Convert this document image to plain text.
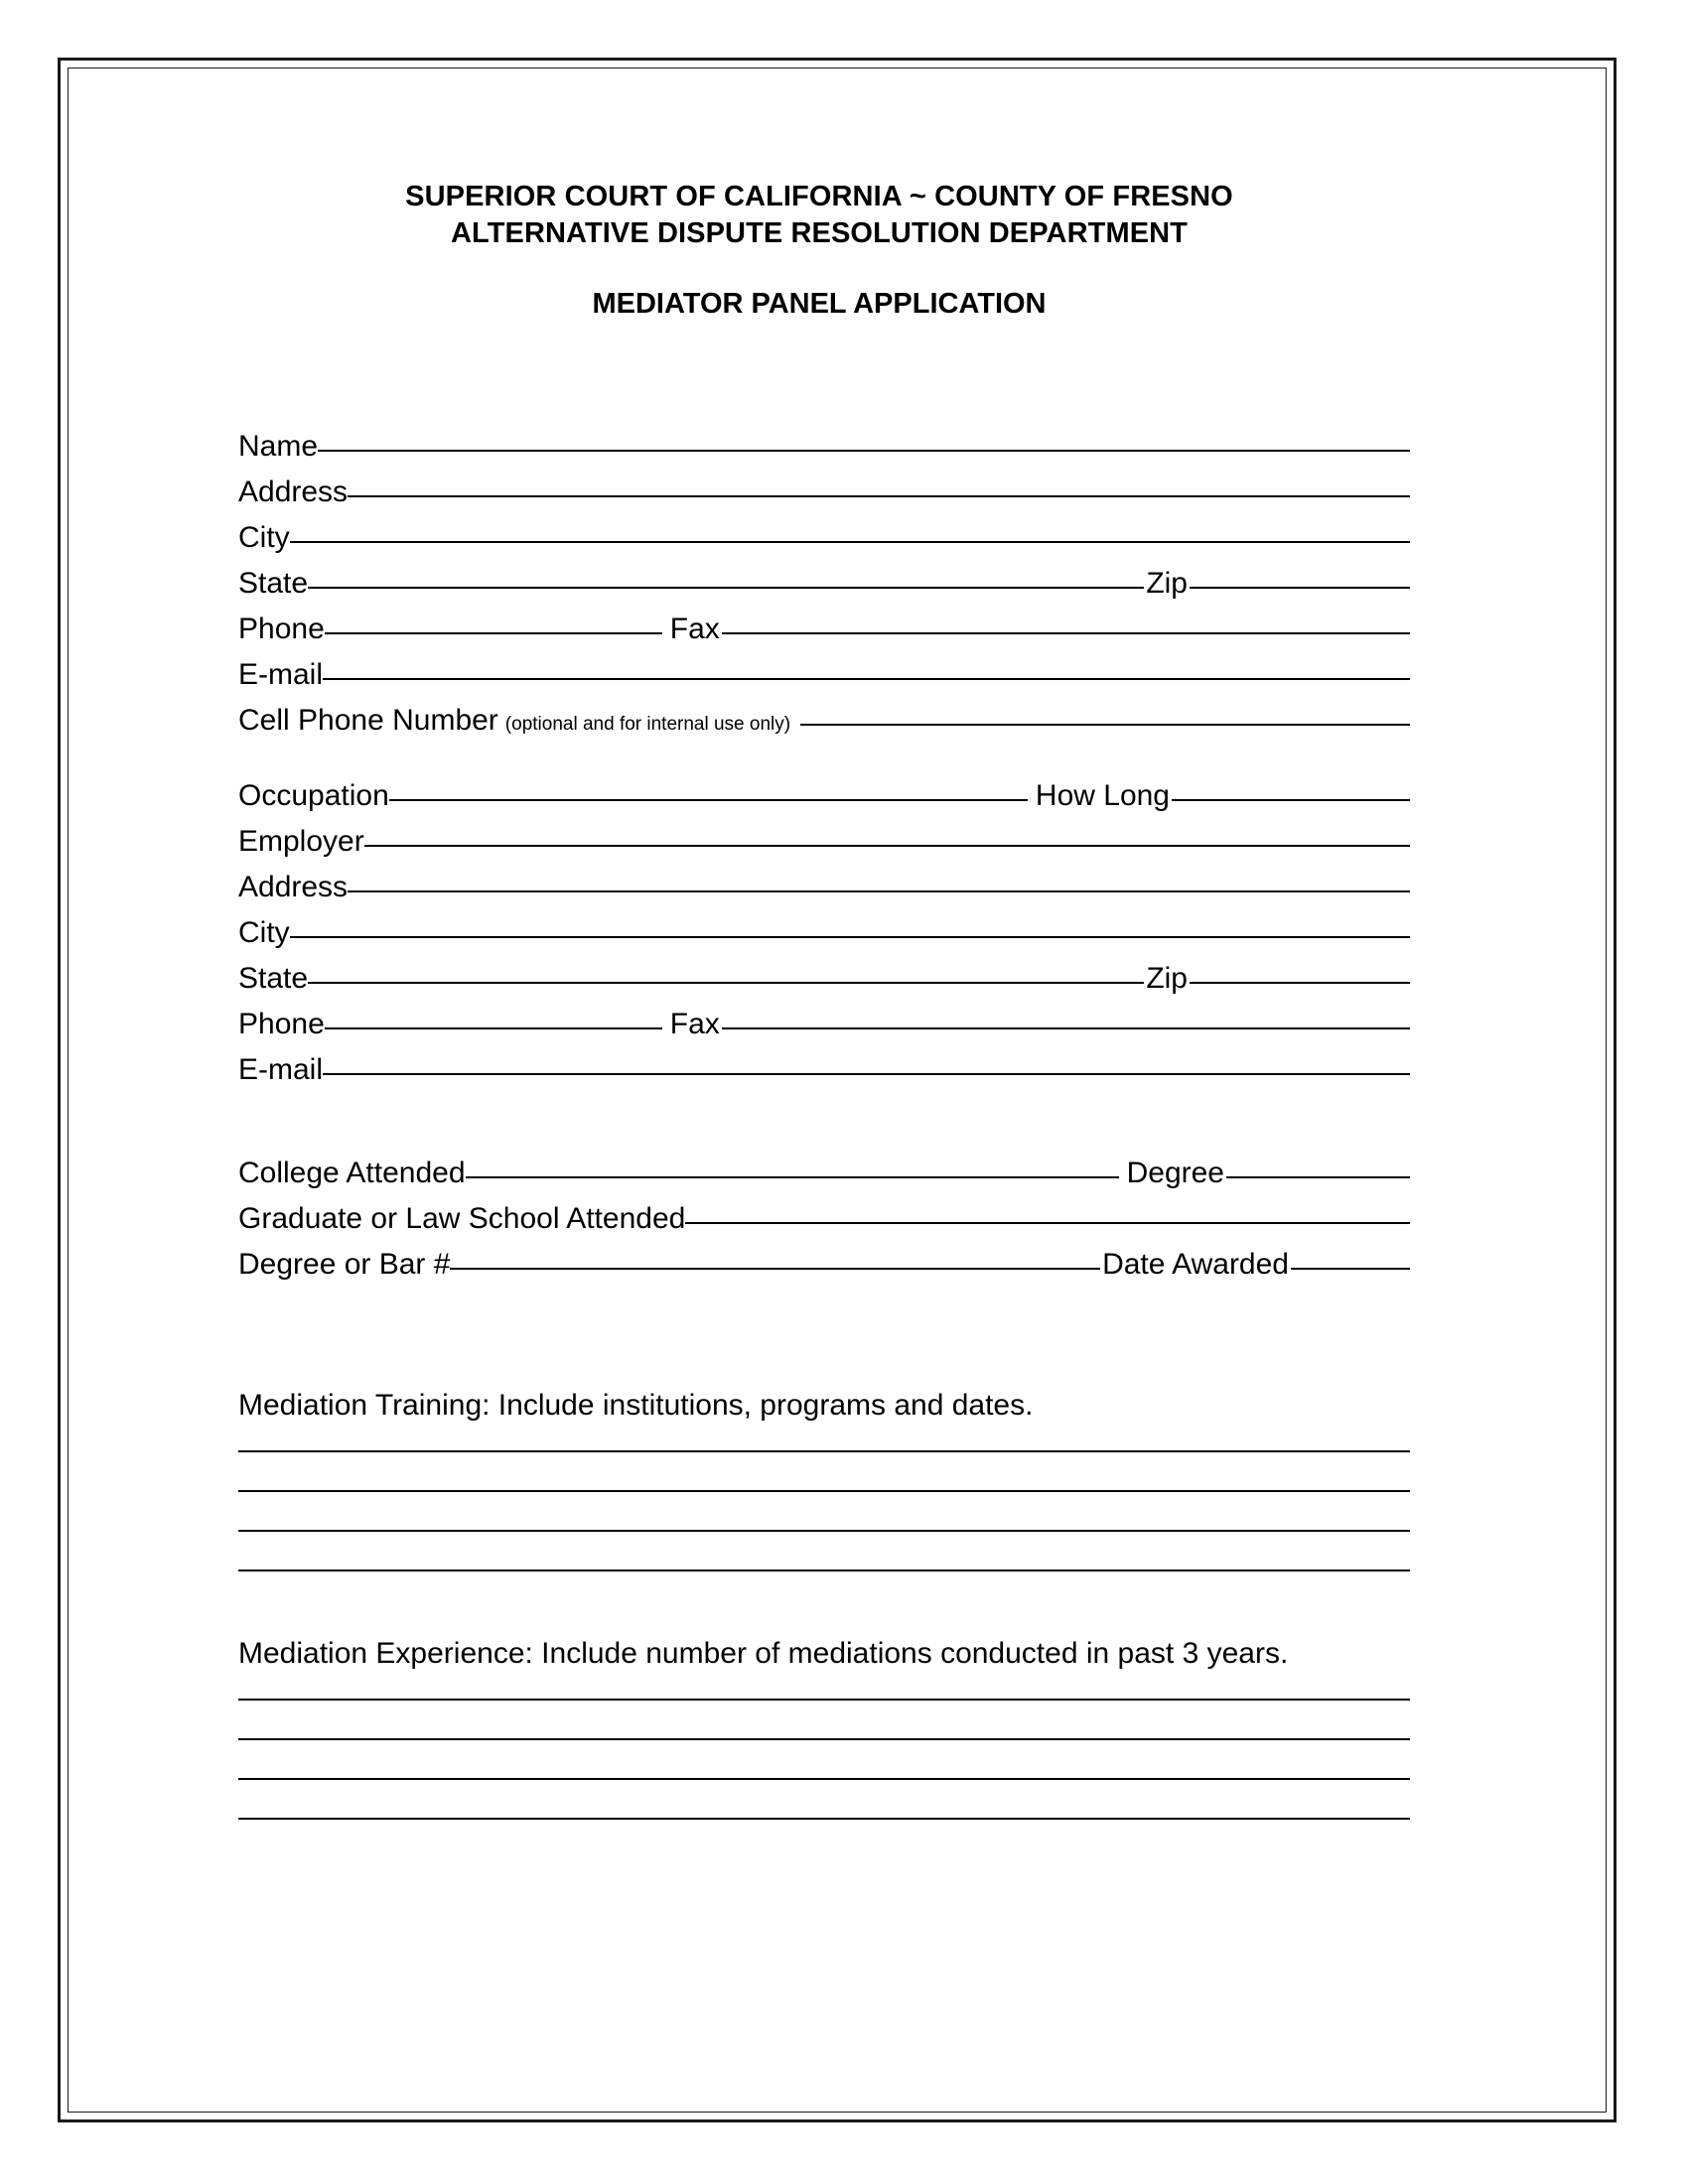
SUPERIOR COURT OF CALIFORNIA ~ COUNTY OF FRESNO
ALTERNATIVE DISPUTE RESOLUTION DEPARTMENT
MEDIATOR PANEL APPLICATION
Name
Address
City
State	Zip
Phone	Fax
E-mail
Cell Phone Number (optional and for internal use only)
Occupation	How Long
Employer
Address
City
State	Zip
Phone	Fax
E-mail
College Attended	Degree
Graduate or Law School Attended
Degree or Bar #	Date Awarded
Mediation Training: Include institutions, programs and dates.
Mediation Experience: Include number of mediations conducted in past 3 years.
